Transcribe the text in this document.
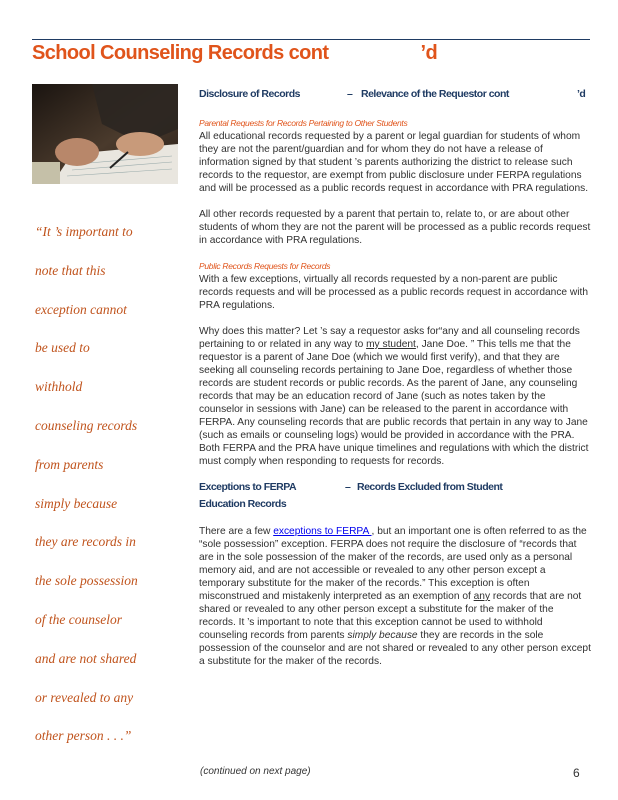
School Counseling Records cont	’d
“It ’s important to
note that this
exception cannot
be used to
withhold
counseling records
from parents
simply because
they are records in
the sole possession
of the counselor
and are not shared
or revealed to any
other person . . .”
Disclosure of Records	– Relevance of the Requestor cont	’d

Parental Requests for Records Pertaining to Other Students

All educational records requested by a parent or legal guardian for students of whom they are not the parent/guardian and for whom they do not have a release of information signed by that student ’s parents authorizing the district to release such records to the requestor, are exempt from public disclosure under FERPA regulations and will be processed as a public records request in accordance with PRA regulations.

All other records requested by a parent that pertain to, relate to, or are about other students of whom they are not the parent will be processed as a public records request in accordance with PRA regulations.

Public Records Requests for Records

With a few exceptions, virtually all records requested by a non-parent are public records requests and will be processed as a public records request in accordance with PRA regulations.

Why does this matter? Let ’s say a requestor asks for“any and all counseling records pertaining to or related in any way to my student, Jane Doe. ” This tells me that the requestor is a parent of Jane Doe (which we would first verify), and that they are seeking all counseling records pertaining to Jane Doe, regardless of whether those records are student records or public records. As the parent of Jane, any counseling records that may be an education record of Jane (such as notes taken by the counselor in sessions with Jane) can be released to the parent in accordance with FERPA. Any counseling records that are public records that pertain in any way to Jane (such as emails or counseling logs) would be provided in accordance with the PRA. Both FERPA and the PRA have unique timelines and regulations with which the district must comply when responding to requests for records.

Exceptions to FERPA	– Records Excluded from Student
Education Records

There are a few exceptions to FERPA , but an important one is often referred to as the “sole possession” exception. FERPA does not require the disclosure of “records that are in the sole possession of the maker of the records, are used only as a personal memory aid, and are not accessible or revealed to any other person except a temporary substitute for the maker of the records.” This exception is often misconstrued and mistakenly interpreted as an exemption of any records that are not shared or revealed to any other person except a substitute for the maker of the records. It ’s important to note that this exception cannot be used to withhold counseling records from parents simply because they are records in the sole possession of the counselor and are not shared or revealed to any other person except a substitute for the maker of the records.

(continued on next page)	6
